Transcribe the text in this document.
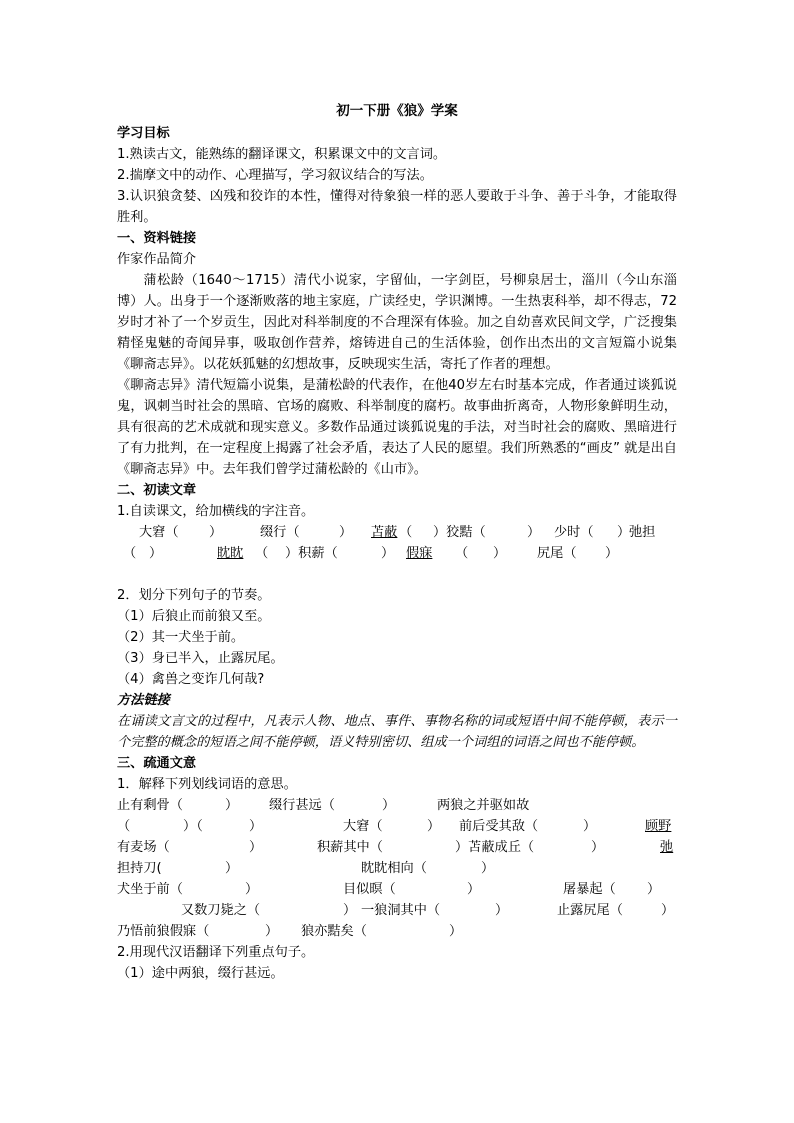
初一下册《狼》学案
学习目标
1.熟读古文，能熟练的翻译课文，积累课文中的文言词。
2.揣摩文中的动作、心理描写，学习叙议结合的写法。
3.认识狼贪婪、凶残和狡诈的本性，懂得对待象狼一样的恶人要敢于斗争、善于斗争，才能取得胜利。
一、资料链接
作家作品简介
蒲松龄（1640～1715）清代小说家，字留仙，一字剑臣，号柳泉居士，淄川（今山东淄博）人。出身于一个逐渐败落的地主家庭，广读经史，学识渊博。一生热衷科举，却不得志，72岁时才补了一个岁贡生，因此对科举制度的不合理深有体验。加之自幼喜欢民间文学，广泛搜集精怪鬼魅的奇闻异事，吸取创作营养，熔铸进自己的生活体验，创作出杰出的文言短篇小说集《聊斋志异》。以花妖狐魅的幻想故事，反映现实生活，寄托了作者的理想。
《聊斋志异》清代短篇小说集，是蒲松龄的代表作，在他40岁左右时基本完成，作者通过谈狐说鬼，讽刺当时社会的黑暗、官场的腐败、科举制度的腐朽。故事曲折离奇，人物形象鲜明生动，具有很高的艺术成就和现实意义。多数作品通过谈狐说鬼的手法，对当时社会的腐败、黑暗进行了有力批判，在一定程度上揭露了社会矛盾，表达了人民的愿望。我们所熟悉的“画皮” 就是出自《聊斋志异》中。去年我们曾学过蒲松龄的《山市》。
二、初读文章
1.自读课文，给加横线的字注音。
大窘（ ）	缀行（	） 苫蔽 （ ）狡黠（	） 少时（ ）
弛担
（ ）	眈眈 （ ）积薪（	） 假寐 （ ） 尻尾（ ）
2．划分下列句子的节奏。
（1）后狼止而前狼又至。
（2）其一犬坐于前。
（3）身已半入，止露尻尾。
（4）禽兽之变诈几何哉?
方法链接
在诵读文言文的过程中，凡表示人物、地点、事件、事物名称的词或短语中间不能停顿，表示一个完整的概念的短语之间不能停顿，语义特别密切、组成一个词组的词语之间也不能停顿。
三、疏通文意
1．解释下列划线词语的意思。
止有剩骨（	） 缀行甚远（	）	两狼之并驱如故
（	）（	）	大窘（	） 前后受其敌（	）	顾野
有麦场（	）	积薪其中（	）苫蔽成丘（	）	弛
担持刀(	）	眈眈相向（	）
犬坐于前（	）	目似暝（	）	屠暴起（ ）
又数刀毙之（	） 一狼洞其中（	）	止露尻尾（	）
乃悟前狼假寐（	） 狼亦黠矣（	）
2.用现代汉语翻译下列重点句子。
（1）途中两狼，缀行甚远。
